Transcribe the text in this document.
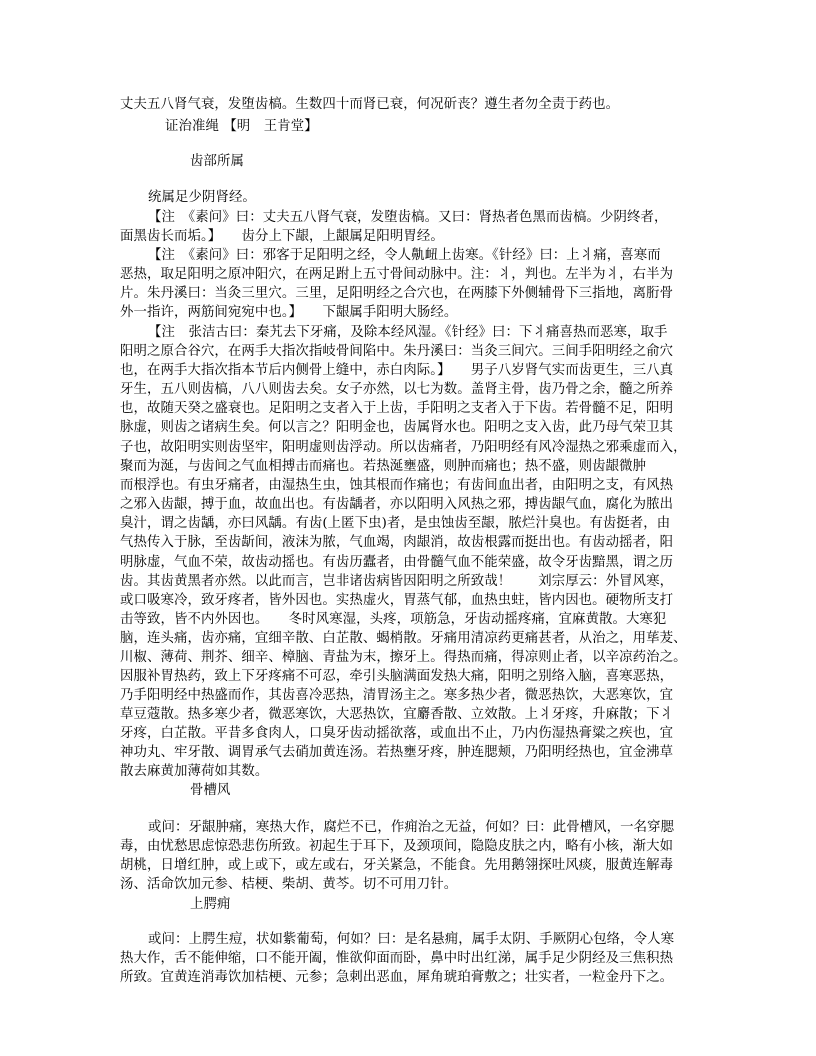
丈夫五八肾气衰，发堕齿槁。生数四十而肾已衰，何况斫丧？遵生者勿全责于药也。
证治准绳 【明　王肯堂】
齿部所属
统属足少阴肾经。
【注　《素问》曰：丈夫五八肾气衰，发堕齿槁。又曰：肾热者色黑而齿槁。少阴终者，
面黑齿长而垢。】　　齿分上下龈，上龈属足阳明胃经。
【注　《素问》曰：邪客于足阳明之经，令人鼽衄上齿寒。《针经》曰：上⺦痛，喜寒而
恶热，取足阳明之原冲阳穴，在两足跗上五寸骨间动脉中。注：⺦，判也。左半为⺦，右半为
片。朱丹溪曰：当灸三里穴。三里，足阳明经之合穴也，在两膝下外侧辅骨下三指地，离胻骨
外一指许，两筋间宛宛中也。】　　下龈属手阳明大肠经。
【注　张洁古曰：秦艽去下牙痛，及除本经风湿。《针经》曰：下⺦痛喜热而恶寒，取手
阳明之原合谷穴，在两手大指次指岐骨间陷中。朱丹溪曰：当灸三间穴。三间手阳明经之俞穴
也，在两手大指次指本节后内侧骨上缝中，赤白肉际。】　　男子八岁肾气实而齿更生，三八真
牙生，五八则齿槁，八八则齿去矣。女子亦然，以七为数。盖肾主骨，齿乃骨之余，髓之所养
也，故随天癸之盛衰也。足阳明之支者入于上齿，手阳明之支者入于下齿。若骨髓不足，阳明
脉虚，则齿之诸病生矣。何以言之？阳明金也，齿属肾水也。阳明之支入齿，此乃母气荣卫其
子也，故阳明实则齿坚牢，阳明虚则齿浮动。所以齿痛者，乃阳明经有风冷湿热之邪乘虚而入，
聚而为涎，与齿间之气血相搏击而痛也。若热涎壅盛，则肿而痛也；热不盛，则齿龈微肿
而根浮也。有虫牙痛者，由湿热生虫，蚀其根而作痛也；有齿间血出者，由阳明之支，有风热
之邪入齿龈，搏于血，故血出也。有齿龋者，亦以阳明入风热之邪，搏齿龈气血，腐化为脓出
臭汁，谓之齿龋，亦曰风龋。有齿(上匿下虫)者，是虫蚀齿至龈，脓烂汁臭也。有齿挺者，由
气热传入于脉，至齿龂间，液沫为脓，气血竭，肉龈消，故齿根露而挺出也。有齿动摇者，阳
明脉虚，气血不荣，故齿动摇也。有齿历蠹者，由骨髓气血不能荣盛，故令牙齿黯黑，谓之历
齿。其齿黄黑者亦然。以此而言，岂非诸齿病皆因阳明之所致哉！　　刘宗厚云：外冒风寒，
或口吸寒冷，致牙疼者，皆外因也。实热虚火，胃蒸气郁，血热虫蛀，皆内因也。硬物所支打
击等致，皆不内外因也。　　冬时风寒湿，头疼，项筋急，牙齿动摇疼痛，宜麻黄散。大寒犯
脑，连头痛，齿亦痛，宜细辛散、白芷散、蝎梢散。牙痛用清凉药更痛甚者，从治之，用荜茇、
川椒、薄荷、荆芥、细辛、樟脑、青盐为末，擦牙上。得热而痛，得凉则止者，以辛凉药治之。
因服补胃热药，致上下牙疼痛不可忍，牵引头脑满面发热大痛，阳明之别络入脑，喜寒恶热，
乃手阳明经中热盛而作，其齿喜冷恶热，清胃汤主之。寒多热少者，微恶热饮，大恶寒饮，宜
草豆蔻散。热多寒少者，微恶寒饮，大恶热饮，宜麝香散、立效散。上⺦牙疼，升麻散；下⺦
牙疼，白芷散。平昔多食肉人，口臭牙齿动摇欲落，或血出不止，乃内伤湿热膏粱之疾也，宜
神功丸、牢牙散、调胃承气去硝加黄连汤。若热壅牙疼，肿连腮颊，乃阳明经热也，宜金沸草
散去麻黄加薄荷如其数。
骨槽风
或问：牙龈肿痛，寒热大作，腐烂不已，作痈治之无益，何如？曰：此骨槽风，一名穿腮
毒，由忧愁思虑惊恐悲伤所致。初起生于耳下，及颈项间，隐隐皮肤之内，略有小核，渐大如
胡桃，日增红肿，或上或下，或左或右，牙关紧急，不能食。先用鹅翎探吐风痰，服黄连解毒
汤、活命饮加元参、桔梗、柴胡、黄芩。切不可用刀针。
上腭痈
或问：上腭生痘，状如紫葡萄，何如？曰：是名悬痈，属手太阴、手厥阴心包络，令人寒
热大作，舌不能伸缩，口不能开阖，惟欲仰面而卧，鼻中时出红涕，属手足少阴经及三焦积热
所致。宜黄连消毒饮加桔梗、元参；急刺出恶血，犀角琥珀膏敷之；壮实者，一粒金丹下之。
